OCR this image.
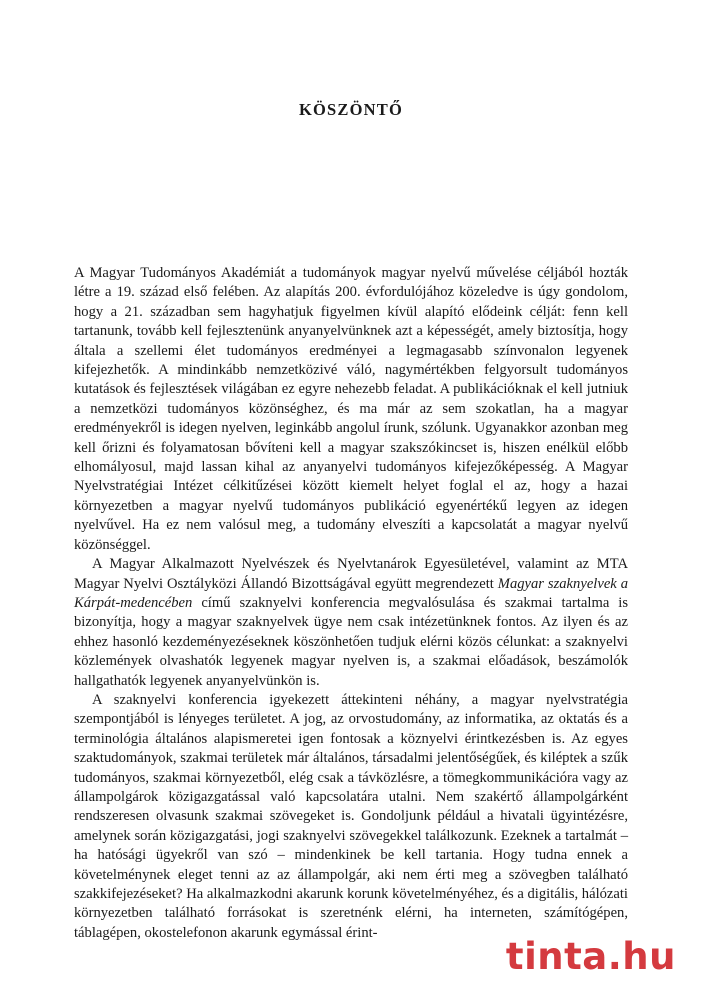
KÖSZÖNTŐ

A Magyar Tudományos Akadémiát a tudományok magyar nyelvű művelése céljából hozták létre a 19. század első felében. Az alapítás 200. évfordulójához közeledve is úgy gondolom, hogy a 21. században sem hagyhatjuk figyelmen kívül alapító elődeink célját: fenn kell tartanunk, tovább kell fejlesztenünk anyanyelvünknek azt a képességét, amely biztosítja, hogy általa a szellemi élet tudományos eredményei a legmagasabb színvonalon legyenek kifejezhetők. A mindinkább nemzetközivé váló, nagymértékben felgyorsult tudományos kutatások és fejlesztések világában ez egyre nehezebb feladat. A publikációknak el kell jutniuk a nemzetközi tudományos közönséghez, és ma már az sem szokatlan, ha a magyar eredményekről is idegen nyelven, leginkább angolul írunk, szólunk. Ugyanakkor azonban meg kell őrizni és folyamatosan bővíteni kell a magyar szakszókincset is, hiszen enélkül előbb elhomályosul, majd lassan kihal az anyanyelvi tudományos kifejezőképesség. A Magyar Nyelvstratégiai Intézet célkitűzései között kiemelt helyet foglal el az, hogy a hazai környezetben a magyar nyelvű tudományos publikáció egyenértékű legyen az idegen nyelvűvel. Ha ez nem valósul meg, a tudomány elveszíti a kapcsolatát a magyar nyelvű közönséggel.

A Magyar Alkalmazott Nyelvészek és Nyelvtanárok Egyesületével, valamint az MTA Magyar Nyelvi Osztályközi Állandó Bizottságával együtt megrendezett Magyar szaknyelvek a Kárpát-medencében című szaknyelvi konferencia megvalósulása és szakmai tartalma is bizonyítja, hogy a magyar szaknyelvek ügye nem csak intézetünknek fontos. Az ilyen és az ehhez hasonló kezdeményezéseknek köszönhetően tudjuk elérni közös célunkat: a szaknyelvi közlemények olvashatók legyenek magyar nyelven is, a szakmai előadások, beszámolók hallgathatók legyenek anyanyelvünkön is.

A szaknyelvi konferencia igyekezett áttekinteni néhány, a magyar nyelvstratégia szempontjából is lényeges területet. A jog, az orvostudomány, az informatika, az oktatás és a terminológia általános alapismeretei igen fontosak a köznyelvi érintkezésben is. Az egyes szaktudományok, szakmai területek már általános, társadalmi jelentőségűek, és kiléptek a szűk tudományos, szakmai környezetből, elég csak a távközlésre, a tömegkommunikációra vagy az állampolgárok közigazgatással való kapcsolatára utalni. Nem szakértő állampolgárként rendszeresen olvasunk szakmai szövegeket is. Gondoljunk például a hivatali ügyintézésre, amelynek során közigazgatási, jogi szaknyelvi szövegekkel találkozunk. Ezeknek a tartalmát – ha hatósági ügyekről van szó – mindenkinek be kell tartania. Hogy tudna ennek a követelménynek eleget tenni az az állampolgár, aki nem érti meg a szövegben található szakkifejezéseket? Ha alkalmazkodni akarunk korunk követelményéhez, és a digitális, hálózati környezetben található forrásokat is szeretnénk elérni, ha interneten, számítógépen, táblagépen, okostelefonon akarunk egymással érint-

tinta.hu
